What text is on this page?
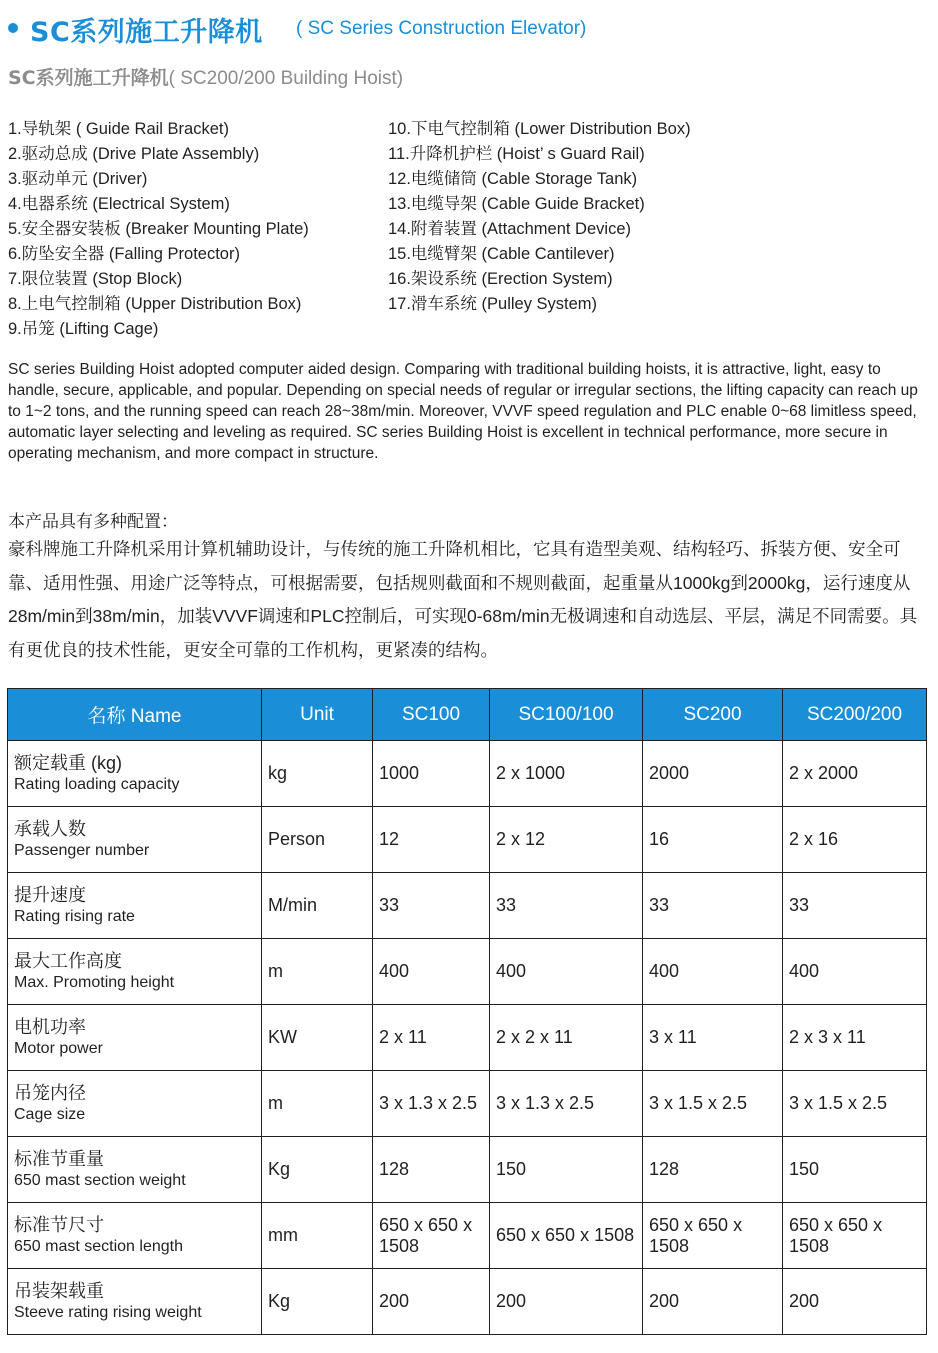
SC系列施工升降机 ( SC Series Construction Elevator)
SC系列施工升降机( SC200/200 Building Hoist)
1.导轨架 ( Guide Rail Bracket)
2.驱动总成 (Drive Plate Assembly)
3.驱动单元 (Driver)
4.电器系统 (Electrical System)
5.安全器安装板 (Breaker Mounting Plate)
6.防坠安全器 (Falling Protector)
7.限位装置 (Stop Block)
8.上电气控制箱 (Upper Distribution Box)
9.吊笼 (Lifting Cage)
10.下电气控制箱 (Lower Distribution Box)
11.升降机护栏 (Hoist’ s Guard Rail)
12.电缆储筒 (Cable Storage Tank)
13.电缆导架 (Cable Guide Bracket)
14.附着装置 (Attachment Device)
15.电缆臂架 (Cable Cantilever)
16.架设系统 (Erection System)
17.滑车系统 (Pulley System)
SC series Building Hoist adopted computer aided design. Comparing with traditional building hoists, it is attractive, light, easy to handle, secure, applicable, and popular. Depending on special needs of regular or irregular sections, the lifting capacity can reach up to 1~2 tons, and the running speed can reach 28~38m/min. Moreover, VVVF speed regulation and PLC enable 0~68 limitless speed, automatic layer selecting and leveling as required. SC series Building Hoist is excellent in technical performance, more secure in operating mechanism, and more compact in structure.
本产品具有多种配置：
豪科牌施工升降机采用计算机辅助设计，与传统的施工升降机相比，它具有造型美观、结构轻巧、拆装方便、安全可靠、适用性强、用途广泛等特点，可根据需要，包括规则截面和不规则截面，起重量从1000kg到2000kg，运行速度从28m/min到38m/min，加装VVVF调速和PLC控制后，可实现0-68m/min无极调速和自动选层、平层，满足不同需要。具有更优良的技术性能，更安全可靠的工作机构，更紧凑的结构。
名称 Name	Unit	SC100	SC100/100	SC200	SC200/200

额定载重 (kg)
Rating loading capacity	kg	1000	2 x 1000	2000	2 x 2000

承载人数
Passenger number	Person	12	2 x 12	16	2 x 16

提升速度
Rating rising rate	M/min	33	33	33	33

最大工作高度
Max. Promoting height	m	400	400	400	400

电机功率
Motor power	KW	2 x 11	2 x 2 x 11	3 x 11	2 x 3 x 11

吊笼内径
Cage size	m	3 x 1.3 x 2.5	3 x 1.3 x 2.5	3 x 1.5 x 2.5	3 x 1.5 x 2.5

标准节重量
650 mast section weight	Kg	128	150	128	150

标准节尺寸
650 mast section length	mm	650 x 650 x 1508	650 x 650 x 1508	650 x 650 x 1508	650 x 650 x 1508

吊装架载重
Steeve rating rising weight	Kg	200	200	200	200
